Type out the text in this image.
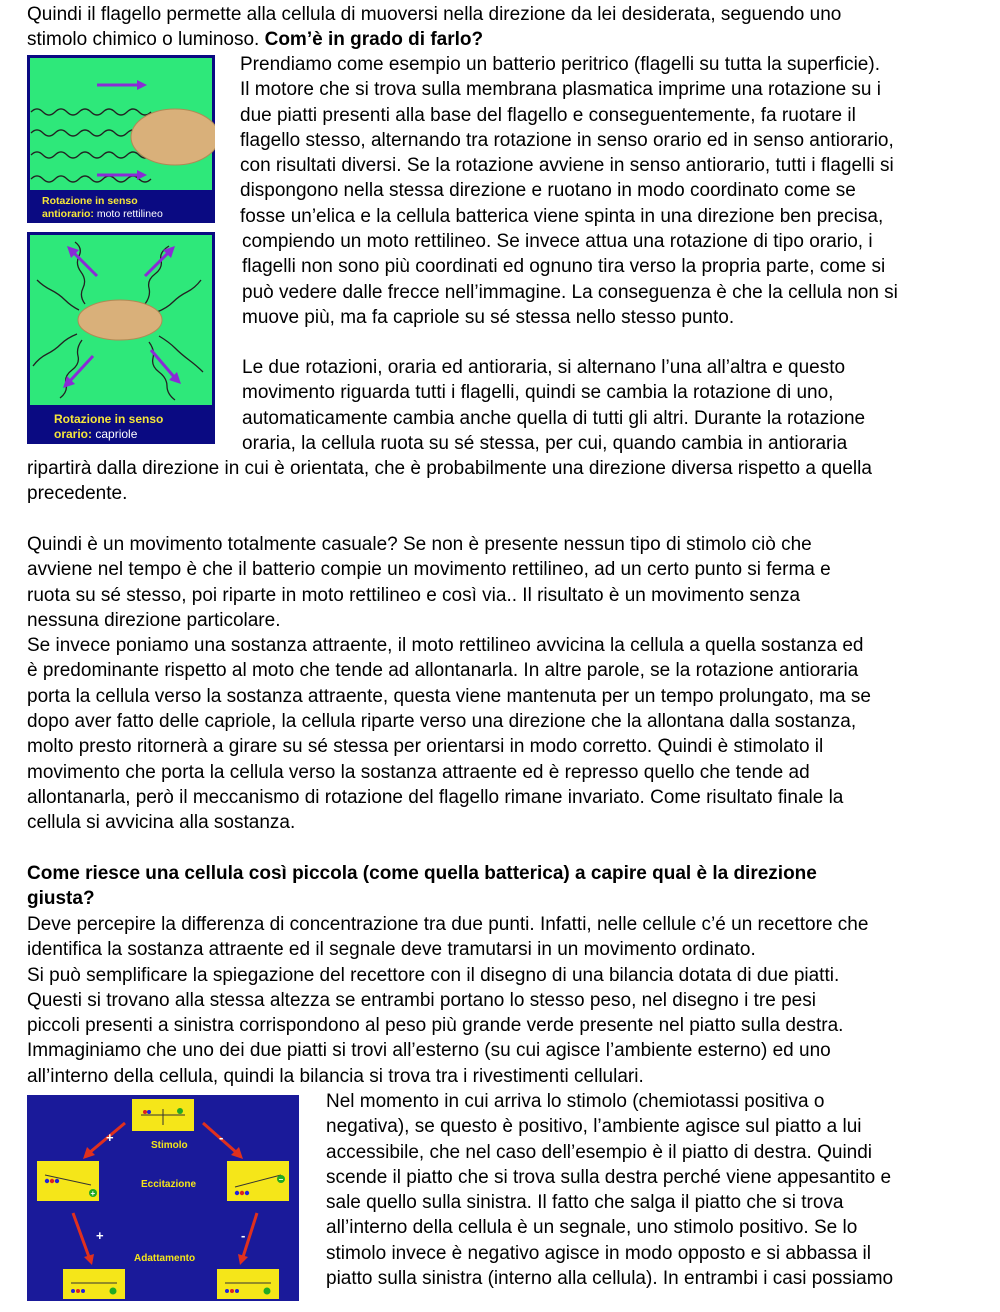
Quindi il flagello permette alla cellula di muoversi nella direzione da lei desiderata, seguendo uno
stimolo chimico o luminoso. Com’è in grado di farlo?
Rotazione in senso
antiorario: moto rettilineo
Rotazione in senso
orario: capriole
Prendiamo come esempio un batterio peritrico (flagelli su tutta la superficie).
Il motore che si trova sulla membrana plasmatica imprime una rotazione su i
due piatti presenti alla base del flagello e conseguentemente, fa ruotare il
flagello stesso, alternando tra rotazione in senso orario ed in senso antiorario,
con risultati diversi. Se la rotazione avviene in senso antiorario, tutti i flagelli si
dispongono nella stessa direzione e ruotano in modo coordinato come se
fosse un’elica e la cellula batterica viene spinta in una direzione ben precisa,
compiendo un moto rettilineo. Se invece attua una rotazione di tipo orario, i
flagelli non sono più coordinati ed ognuno tira verso la propria parte, come si
può vedere dalle frecce nell’immagine. La conseguenza è che la cellula non si
muove più, ma fa capriole su sé stessa nello stesso punto.
Le due rotazioni, oraria ed antioraria, si alternano l’una all’altra e questo
movimento riguarda tutti i flagelli, quindi se cambia la rotazione di uno,
automaticamente cambia anche quella di tutti gli altri. Durante la rotazione
oraria, la cellula ruota su sé stessa, per cui, quando cambia in antioraria
ripartirà dalla direzione in cui è orientata, che è probabilmente una direzione diversa rispetto a quella
precedente.
Quindi è un movimento totalmente casuale? Se non è presente nessun tipo di stimolo ciò che
avviene nel tempo è che il batterio compie un movimento rettilineo, ad un certo punto si ferma e
ruota su sé stesso, poi riparte in moto rettilineo e così via.. Il risultato è un movimento senza
nessuna direzione particolare.
Se invece poniamo una sostanza attraente, il moto rettilineo avvicina la cellula a quella sostanza ed
è predominante rispetto al moto che tende ad allontanarla. In altre parole, se la rotazione antioraria
porta la cellula verso la sostanza attraente, questa viene mantenuta per un tempo prolungato, ma se
dopo aver fatto delle capriole, la cellula riparte verso una direzione che la allontana dalla sostanza,
molto presto ritornerà a girare su sé stessa per orientarsi in modo corretto. Quindi è stimolato il
movimento che porta la cellula verso la sostanza attraente ed è represso quello che tende ad
allontanarla, però il meccanismo di rotazione del flagello rimane invariato. Come risultato finale la
cellula si avvicina alla sostanza.
Come riesce una cellula così piccola (come quella batterica) a capire qual è la direzione
giusta?
Deve percepire la differenza di concentrazione tra due punti. Infatti, nelle cellule c’é un recettore che
identifica la sostanza attraente ed il segnale deve tramutarsi in un movimento ordinato.
Si può semplificare la spiegazione del recettore con il disegno di una bilancia dotata di due piatti.
Questi si trovano alla stessa altezza se entrambi portano lo stesso peso, nel disegno i tre pesi
piccoli presenti a sinistra corrispondono al peso più grande verde presente nel piatto sulla destra.
Immaginiamo che uno dei due piatti si trovi all’esterno (su cui agisce l’ambiente esterno) ed uno
all’interno della cellula, quindi la bilancia si trova tra i rivestimenti cellulari.
+
−
+	-
+	-
Stimolo
Eccitazione
Adattamento
Nel momento in cui arriva lo stimolo (chemiotassi positiva o
negativa), se questo è positivo, l’ambiente agisce sul piatto a lui
accessibile, che nel caso dell’esempio è il piatto di destra. Quindi
scende il piatto che si trova sulla destra perché viene appesantito e
sale quello sulla sinistra. Il fatto che salga il piatto che si trova
all’interno della cellula è un segnale, uno stimolo positivo. Se lo
stimolo invece è negativo agisce in modo opposto e si abbassa il
piatto sulla sinistra (interno alla cellula). In entrambi i casi possiamo
